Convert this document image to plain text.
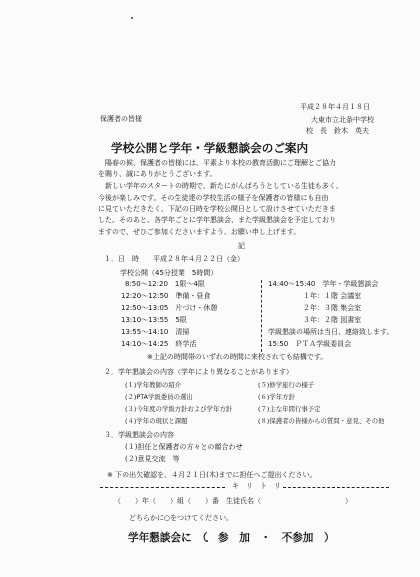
平成２８年４月１８日
保護者の皆様	大東市立北条中学校
校　長　鈴木　英夫
学校公開と学年・学級懇談会のご案内
　陽春の候、保護者の皆様には、平素より本校の教育活動にご理解とご協力
を賜り、誠にありがとうございます。
　新しい学年のスタートの時期で、新たにがんばろうとしている生徒も多く、
今後が楽しみです。その生徒達の学校生活の様子を保護者の皆様にも自由
に見ていただきたく、下記の日時を学校公開日として設けさせていただきま
した。そのあと、各学年ごとに学年懇談会、また学級懇談会を予定しており
ますので、ぜひご参加くださいますよう、お願い申し上げます。
記
１．日　時　　平成２８年４月２２日（金）
学校公開（45分授業　5時間）
8:50～12:20　1限～4限
12:20～12:50　準備・昼食
12:50～13:05　片づけ・休憩
13:10～13:55　5限
13:55～14:10　清掃
14:10～14:25　終学活
14:40～15:40　学年・学級懇談会
１年：１階 会議室
２年：３階 集会室
３年：２階 図書室
学級懇談の場所は当日、連絡致します。
15:50　ＰＴＡ学級委員会
※上記の時間帯のいずれの時間に来校されても結構です。
２．学年懇談会の内容（学年により異なることがあります）
(１)学年教師の紹介	(５)修学旅行の様子
(２)PTA学級委員の選出	(６)学年方針
(３)今年度の学級方針および学年方針	(７)主な年間行事予定
(４)学年の現状と課題	(８)保護者の皆様からの質問・意見、その他
３．学級懇談会の内容
(１)担任と保護者の方々との顔合わせ
(２)意見交流　等
※ 下の出欠確認を、４月２１日(木)までに担任へご提出ください。
キ　リ　ト　リ
（　　）年（　　）組（　　）番　生徒氏名（　　　　　　　　　　　　）
どちらかに○をつけてください。
学年懇談会に　（　参　加　・　不参加　）
